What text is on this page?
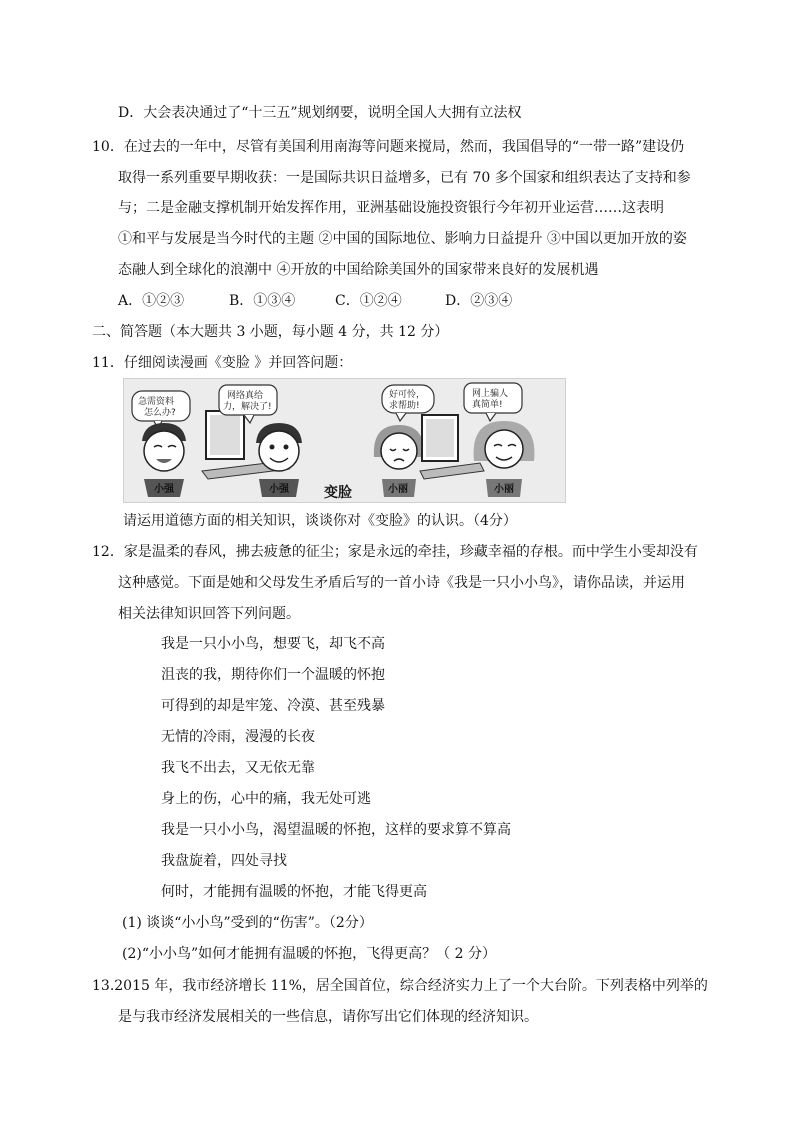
D．大会表决通过了“十三五”规划纲要，说明全国人大拥有立法权
10．在过去的一年中，尽管有美国利用南海等问题来搅局，然而，我国倡导的“一带一路”建设仍
取得一系列重要早期收获：一是国际共识日益增多，已有 70 多个国家和组织表达了支持和参
与；二是金融支撑机制开始发挥作用，亚洲基础设施投资银行今年初开业运营……这表明
①和平与发展是当今时代的主题 ②中国的国际地位、影响力日益提升 ③中国以更加开放的姿
态融人到全球化的浪潮中 ④开放的中国给除美国外的国家带来良好的发展机遇
A．①②③	B．①③④	C．①②④	D．②③④
二、简答题（本大题共 3 小题，每小题 4 分，共 12 分）
11．仔细阅读漫画《变脸 》并回答问题：
急需资料
怎么办?
小强
网络真给
力，解决了!
小强	变脸
好可怜，
求帮助!
小丽
网上骗人
真简单!
小丽
请运用道德方面的相关知识，谈谈你对《变脸》的认识。（4分）
12．家是温柔的春风，拂去疲惫的征尘；家是永远的牵挂，珍藏幸福的存根。而中学生小雯却没有
这种感觉。下面是她和父母发生矛盾后写的一首小诗《我是一只小小鸟》，请你品读，并运用
相关法律知识回答下列问题。
我是一只小小鸟，想要飞，却飞不高
沮丧的我，期待你们一个温暖的怀抱
可得到的却是牢笼、冷漠、甚至残暴
无情的冷雨，漫漫的长夜
我飞不出去，又无依无靠
身上的伤，心中的痛，我无处可逃
我是一只小小鸟，渴望温暖的怀抱，这样的要求算不算高
我盘旋着，四处寻找
何时，才能拥有温暖的怀抱，才能飞得更高
(1) 谈谈“小小鸟”受到的“伤害”。（2分）
(2)“小小鸟”如何才能拥有温暖的怀抱，飞得更高？（ 2 分）
13.2015 年，我市经济增长 11%，居全国首位，综合经济实力上了一个大台阶。下列表格中列举的
是与我市经济发展相关的一些信息，请你写出它们体现的经济知识。
